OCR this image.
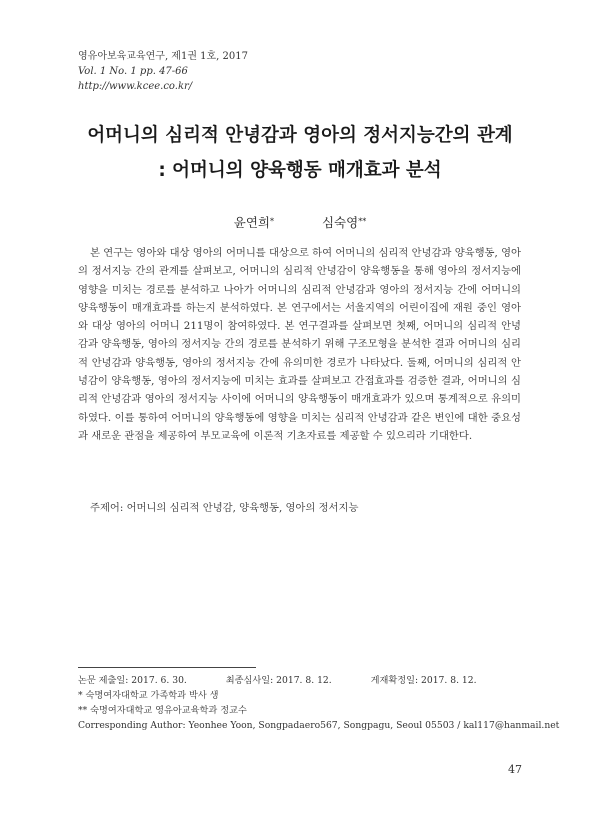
영유아보육교육연구, 제1권 1호, 2017
Vol. 1 No. 1 pp. 47-66
http://www.kcee.co.kr/
어머니의 심리적 안녕감과 영아의 정서지능간의 관계
: 어머니의 양육행동 매개효과 분석
윤연희*	심숙영**

본 연구는 영아와 대상 영아의 어머니를 대상으로 하여 어머니의 심리적 안녕감과 양육행동, 영아의 정서지능 간의 관계를 살펴보고, 어머니의 심리적 안녕감이 양육행동을 통해 영아의 정서지능에 영향을 미치는 경로를 분석하고 나아가 어머니의 심리적 안녕감과 영아의 정서지능 간에 어머니의 양육행동이 매개효과를 하는지 분석하였다. 본 연구에서는 서울지역의 어린이집에 재원 중인 영아와 대상 영아의 어머니 211명이 참여하였다. 본 연구결과를 살펴보면 첫째, 어머니의 심리적 안녕감과 양육행동, 영아의 정서지능 간의 경로를 분석하기 위해 구조모형을 분석한 결과 어머니의 심리적 안녕감과 양육행동, 영아의 정서지능 간에 유의미한 경로가 나타났다. 둘째, 어머니의 심리적 안녕감이 양육행동, 영아의 정서지능에 미치는 효과를 살펴보고 간접효과를 검증한 결과, 어머니의 심리적 안녕감과 영아의 정서지능 사이에 어머니의 양육행동이 매개효과가 있으며 통계적으로 유의미하였다. 이를 통하여 어머니의 양육행동에 영향을 미치는 심리적 안녕감과 같은 변인에 대한 중요성과 새로운 관점을 제공하여 부모교육에 이론적 기초자료를 제공할 수 있으리라 기대한다.

주제어: 어머니의 심리적 안녕감, 양육행동, 영아의 정서지능
논문 제출일: 2017. 6. 30.	최종심사일: 2017. 8. 12.	게재확정일: 2017. 8. 12.
* 숙명여자대학교 가족학과 박사 생
** 숙명여자대학교 영유아교육학과 정교수
Corresponding Author: Yeonhee Yoon, Songpadaero567, Songpagu, Seoul 05503 / kal117@hanmail.net
47
